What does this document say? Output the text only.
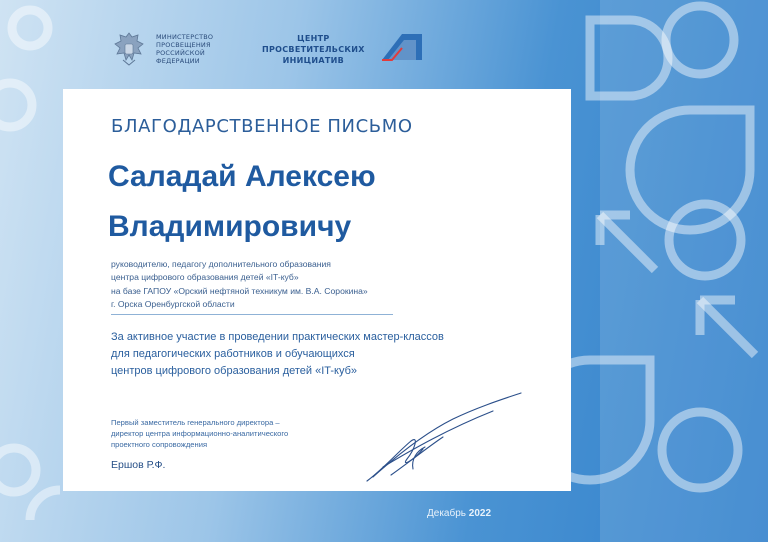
МИНИСТЕРСТВО
ПРОСВЕЩЕНИЯ
РОССИЙСКОЙ
ФЕДЕРАЦИИ
ЦЕНТР
ПРОСВЕТИТЕЛЬСКИХ
ИНИЦИАТИВ
БЛАГОДАРСТВЕННОЕ ПИСЬМО
Саладай Алексею
Владимировичу
руководителю, педагогу дополнительного образования
центра цифрового образования детей «IT-куб»
на базе ГАПОУ «Орский нефтяной техникум им. В.А. Сорокина»
г. Орска Оренбургской области
За активное участие в проведении практических мастер-классов
для педагогических работников и обучающихся
центров цифрового образования детей «IT-куб»
Первый заместитель генерального директора –
директор центра информационно-аналитического
проектного сопровождения
Ершов Р.Ф.
Декабрь 2022
